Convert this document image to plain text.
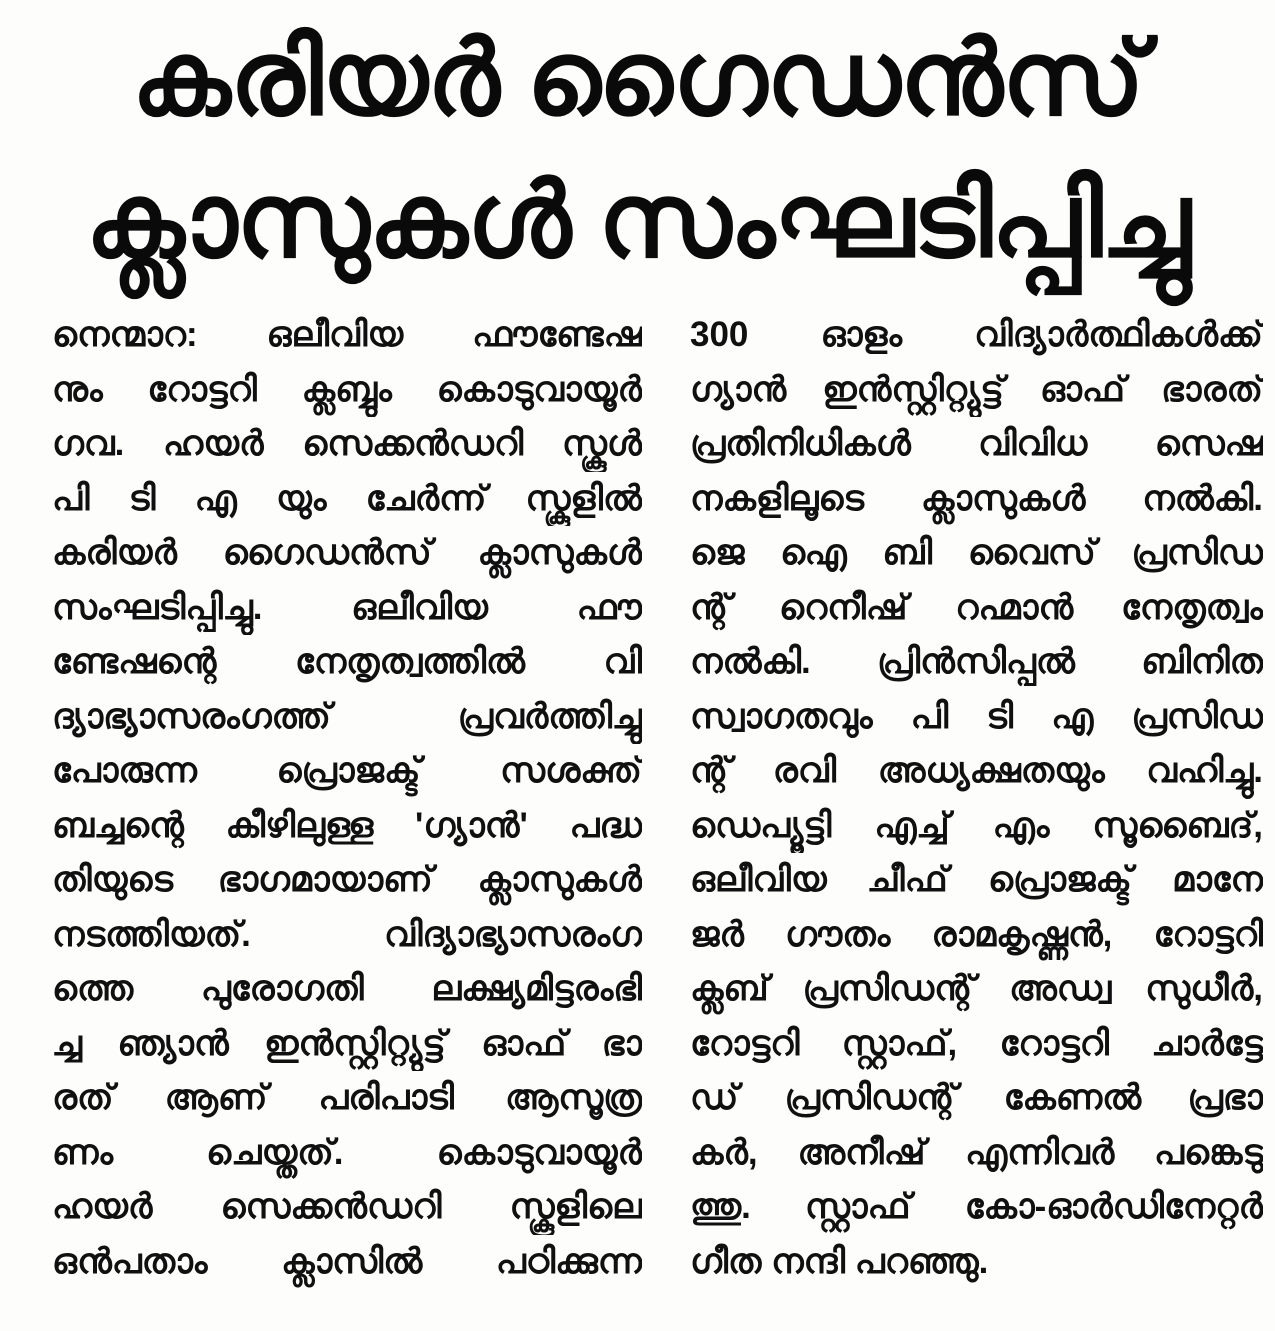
കരിയർ ഗൈഡൻസ്
ക്ലാസുകൾ സംഘടിപ്പിച്ചു
നെന്മാറ: ഒലീവിയ ഫൗണ്ടേഷ
നും റോട്ടറി ക്ലബ്ബും കൊടുവായൂർ
ഗവ. ഹയർ സെക്കൻഡറി സ്കൂൾ
പി ടി എ യും ചേർന്ന് സ്കൂളിൽ
കരിയർ ഗൈഡൻസ് ക്ലാസുകൾ
സംഘടിപ്പിച്ചു. ഒലീവിയ ഫൗ
ണ്ടേഷന്റെ നേതൃത്വത്തിൽ വി
ദ്യാഭ്യാസരംഗത്ത് പ്രവർത്തിച്ചു
പോരുന്ന പ്രൊജക്ട് സശക്ത്
ബച്ചന്റെ കീഴിലുള്ള 'ഗ്യാൻ' പദ്ധ
തിയുടെ ഭാഗമായാണ് ക്ലാസുകൾ
നടത്തിയത്. വിദ്യാഭ്യാസരംഗ
ത്തെ പുരോഗതി ലക്ഷ്യമിട്ടരംഭി
ച്ച ഞ്യാൻ ഇൻസ്റ്റിറ്റ്യുട്ട് ഓഫ് ഭാ
രത് ആണ് പരിപാടി ആസൂത്ര
ണം ചെയ്തത്. കൊടുവായൂർ
ഹയർ സെക്കൻഡറി സ്കൂളിലെ
ഒൻപതാം ക്ലാസിൽ പഠിക്കുന്ന
300 ഓളം വിദ്യാർത്ഥികൾക്ക്
ഗ്യാൻ ഇൻസ്റ്റിറ്റ്യുട്ട് ഓഫ് ഭാരത്
പ്രതിനിധികൾ വിവിധ സെഷ
നകളിലൂടെ ക്ലാസുകൾ നൽകി.
ജെ ഐ ബി വൈസ് പ്രസിഡ
ന്റ് റെനീഷ് റഹ്മാൻ നേതൃത്വം
നൽകി. പ്രിൻസിപ്പൽ ബിനിത
സ്വാഗതവും പി ടി എ പ്രസിഡ
ന്റ് രവി അധ്യക്ഷതയും വഹിച്ചു.
ഡെപ്യൂട്ടി എച്ച് എം സൂബൈദ്,
ഒലീവിയ ചീഫ് പ്രൊജക്ട് മാനേ
ജർ ഗൗതം രാമകൃഷ്ണൻ, റോട്ടറി
ക്ലബ് പ്രസിഡന്റ് അഡ്വ സുധീർ,
റോട്ടറി സ്റ്റാഫ്, റോട്ടറി ചാർട്ടേ
ഡ് പ്രസിഡന്റ് കേണൽ പ്രഭാ
കർ, അനീഷ് എന്നിവർ പങ്കെടു
ത്തു. സ്റ്റാഫ് കോ-ഓർഡിനേറ്റർ
ഗീത നന്ദി പറഞ്ഞു.
